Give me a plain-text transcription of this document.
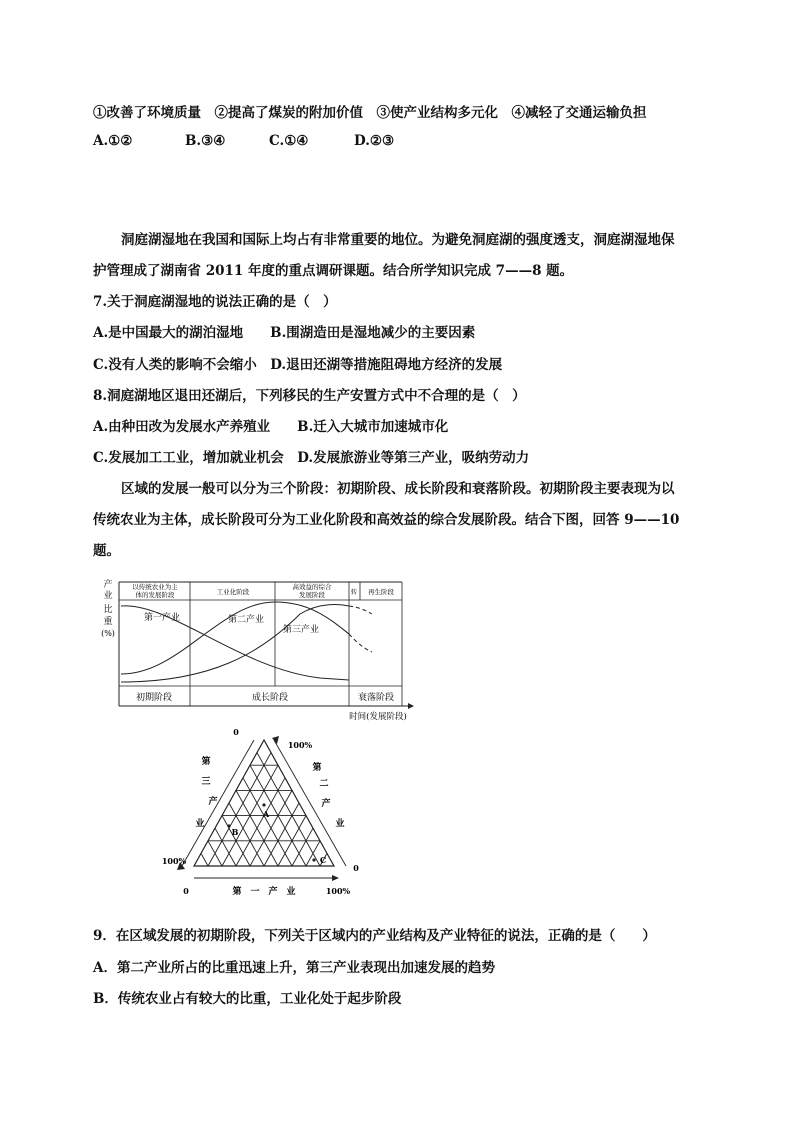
①改善了环境质量　②提高了煤炭的附加价值　③使产业结构多元化　④减轻了交通运输负担
A.①②	B.③④	C.①④	D.②③
洞庭湖湿地在我国和国际上均占有非常重要的地位。为避免洞庭湖的强度透支，洞庭湖湿地保
护管理成了湖南省 2011 年度的重点调研课题。结合所学知识完成 7——8 题。
7.关于洞庭湖湿地的说法正确的是（　）
A.是中国最大的湖泊湿地　　B.围湖造田是湿地减少的主要因素
C.没有人类的影响不会缩小　D.退田还湖等措施阻碍地方经济的发展
8.洞庭湖地区退田还湖后，下列移民的生产安置方式中不合理的是（　）
A.由种田改为发展水产养殖业　　B.迁入大城市加速城市化
C.发展加工工业，增加就业机会　D.发展旅游业等第三产业，吸纳劳动力
区域的发展一般可以分为三个阶段：初期阶段、成长阶段和衰落阶段。初期阶段主要表现为以
传统农业为主体，成长阶段可分为工业化阶段和高效益的综合发展阶段。结合下图，回答 9——10
题。
产
业
比
重
(%)
以传统农业为主
体的发展阶段	工业化阶段
高效益的综合
发展阶段	转 再生阶段
第一产业	第二产业
第三产业
初期阶段	成长阶段	衰落阶段
时间(发展阶段)
0
100%
第
三
产
业
第
二
产
业
100%
0
0	第　一　产　业	100%
A
B
C
9．在区域发展的初期阶段，下列关于区域内的产业结构及产业特征的说法，正确的是（　　）
A．第二产业所占的比重迅速上升，第三产业表现出加速发展的趋势
B．传统农业占有较大的比重，工业化处于起步阶段
